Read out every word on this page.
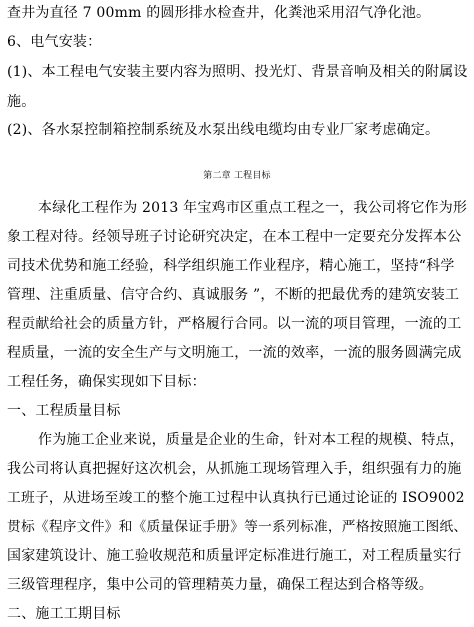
查井为直径 7 00mm 的圆形排水检查井，化粪池采用沼气净化池。
6、电气安装：
(1)、本工程电气安装主要内容为照明、投光灯、背景音响及相关的附属设
施。
(2)、各水泵控制箱控制系统及水泵出线电缆均由专业厂家考虑确定。
第二章 工程目标
本绿化工程作为 2013 年宝鸡市区重点工程之一，我公司将它作为形
象工程对待。经领导班子讨论研究决定，在本工程中一定要充分发挥本公
司技术优势和施工经验，科学组织施工作业程序，精心施工，坚持“科学
管理、注重质量、信守合约、真诚服务 ”，不断的把最优秀的建筑安装工
程贡献给社会的质量方针，严格履行合同。以一流的项目管理，一流的工
程质量，一流的安全生产与文明施工，一流的效率，一流的服务圆满完成
工程任务，确保实现如下目标：
一、工程质量目标
作为施工企业来说，质量是企业的生命，针对本工程的规模、特点，
我公司将认真把握好这次机会，从抓施工现场管理入手，组织强有力的施
工班子，从进场至竣工的整个施工过程中认真执行已通过论证的 ISO9002
贯标《程序文件》和《质量保证手册》等一系列标准，严格按照施工图纸、
国家建筑设计、施工验收规范和质量评定标准进行施工，对工程质量实行
三级管理程序，集中公司的管理精英力量，确保工程达到合格等级。
二、施工工期目标
